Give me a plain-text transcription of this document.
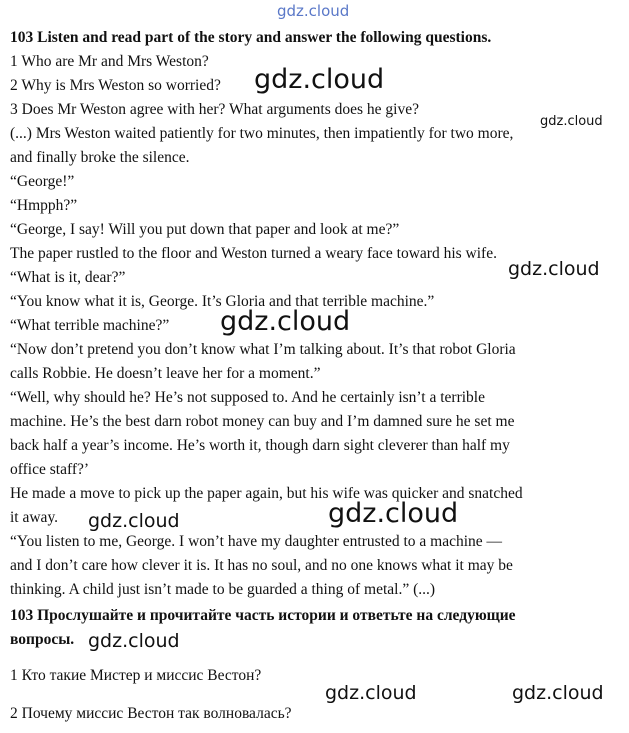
gdz.cloud
103 Listen and read part of the story and answer the following questions.
1 Who are Mr and Mrs Weston?
2 Why is Mrs Weston so worried?
3 Does Mr Weston agree with her? What arguments does he give?
(...) Mrs Weston waited patiently for two minutes, then impatiently for two more,
and finally broke the silence.
“George!”
“Hmpph?”
“George, I say! Will you put down that paper and look at me?”
The paper rustled to the floor and Weston turned a weary face toward his wife.
“What is it, dear?”
“You know what it is, George. It’s Gloria and that terrible machine.”
“What terrible machine?”
“Now don’t pretend you don’t know what I’m talking about. It’s that robot Gloria
calls Robbie. He doesn’t leave her for a moment.”
“Well, why should he? He’s not supposed to. And he certainly isn’t a terrible
machine. He’s the best darn robot money can buy and I’m damned sure he set me
back half a year’s income. He’s worth it, though darn sight cleverer than half my
office staff?’
He made a move to pick up the paper again, but his wife was quicker and snatched
it away.
“You listen to me, George. I won’t have my daughter entrusted to a machine —
and I don’t care how clever it is. It has no soul, and no one knows what it may be
thinking. A child just isn’t made to be guarded a thing of metal.” (...)
103 Прослушайте и прочитайте часть истории и ответьте на следующие
вопросы.
1 Кто такие Мистер и миссис Вестон?
2 Почему миссис Вестон так волновалась?
gdz.cloud
gdz.cloud
gdz.cloud
gdz.cloud
gdz.cloud
gdz.cloud
gdz.cloud
gdz.cloud	gdz.cloud
